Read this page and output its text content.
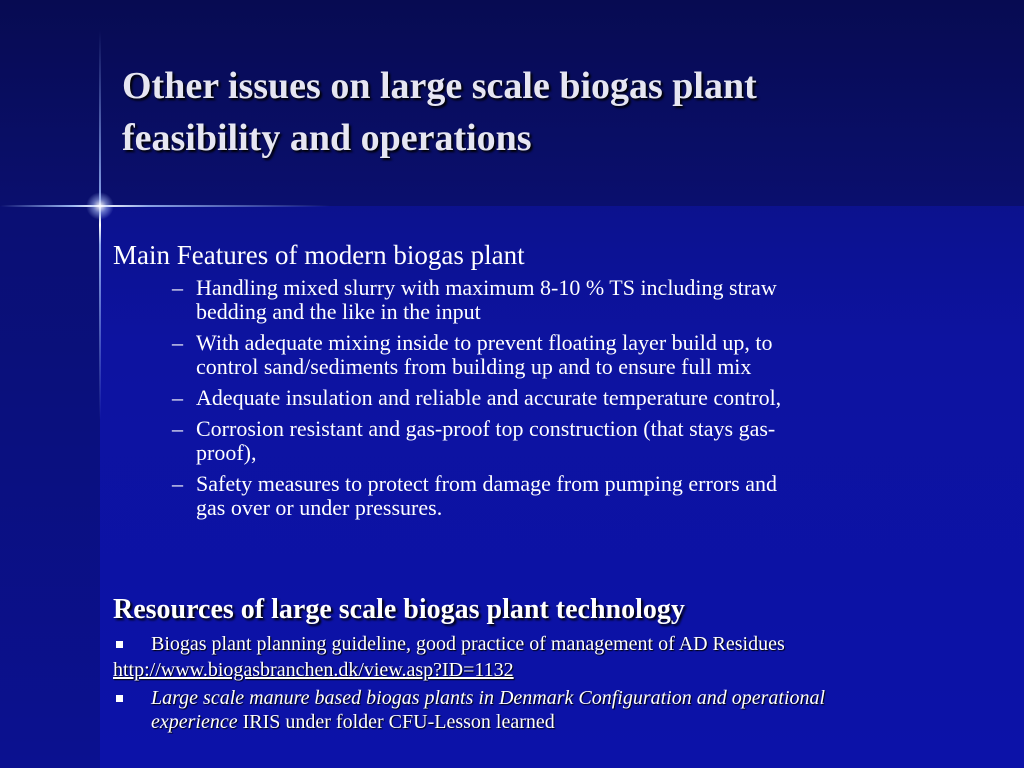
Other issues on large scale biogas plant
feasibility and operations

Main Features of modern biogas plant

– Handling mixed slurry with maximum 8-10 % TS including straw
bedding and the like in the input
– With adequate mixing inside to prevent floating layer build up, to
control sand/sediments from building up and to ensure full mix
– Adequate insulation and reliable and accurate temperature control,
– Corrosion resistant and gas-proof top construction (that stays gas-
proof),
– Safety measures to protect from damage from pumping errors and
gas over or under pressures.

Resources of large scale biogas plant technology

Biogas plant planning guideline, good practice of management of AD Residues
http://www.biogasbranchen.dk/view.asp?ID=1132
Large scale manure based biogas plants in Denmark Configuration and operational
experience IRIS under folder CFU-Lesson learned
